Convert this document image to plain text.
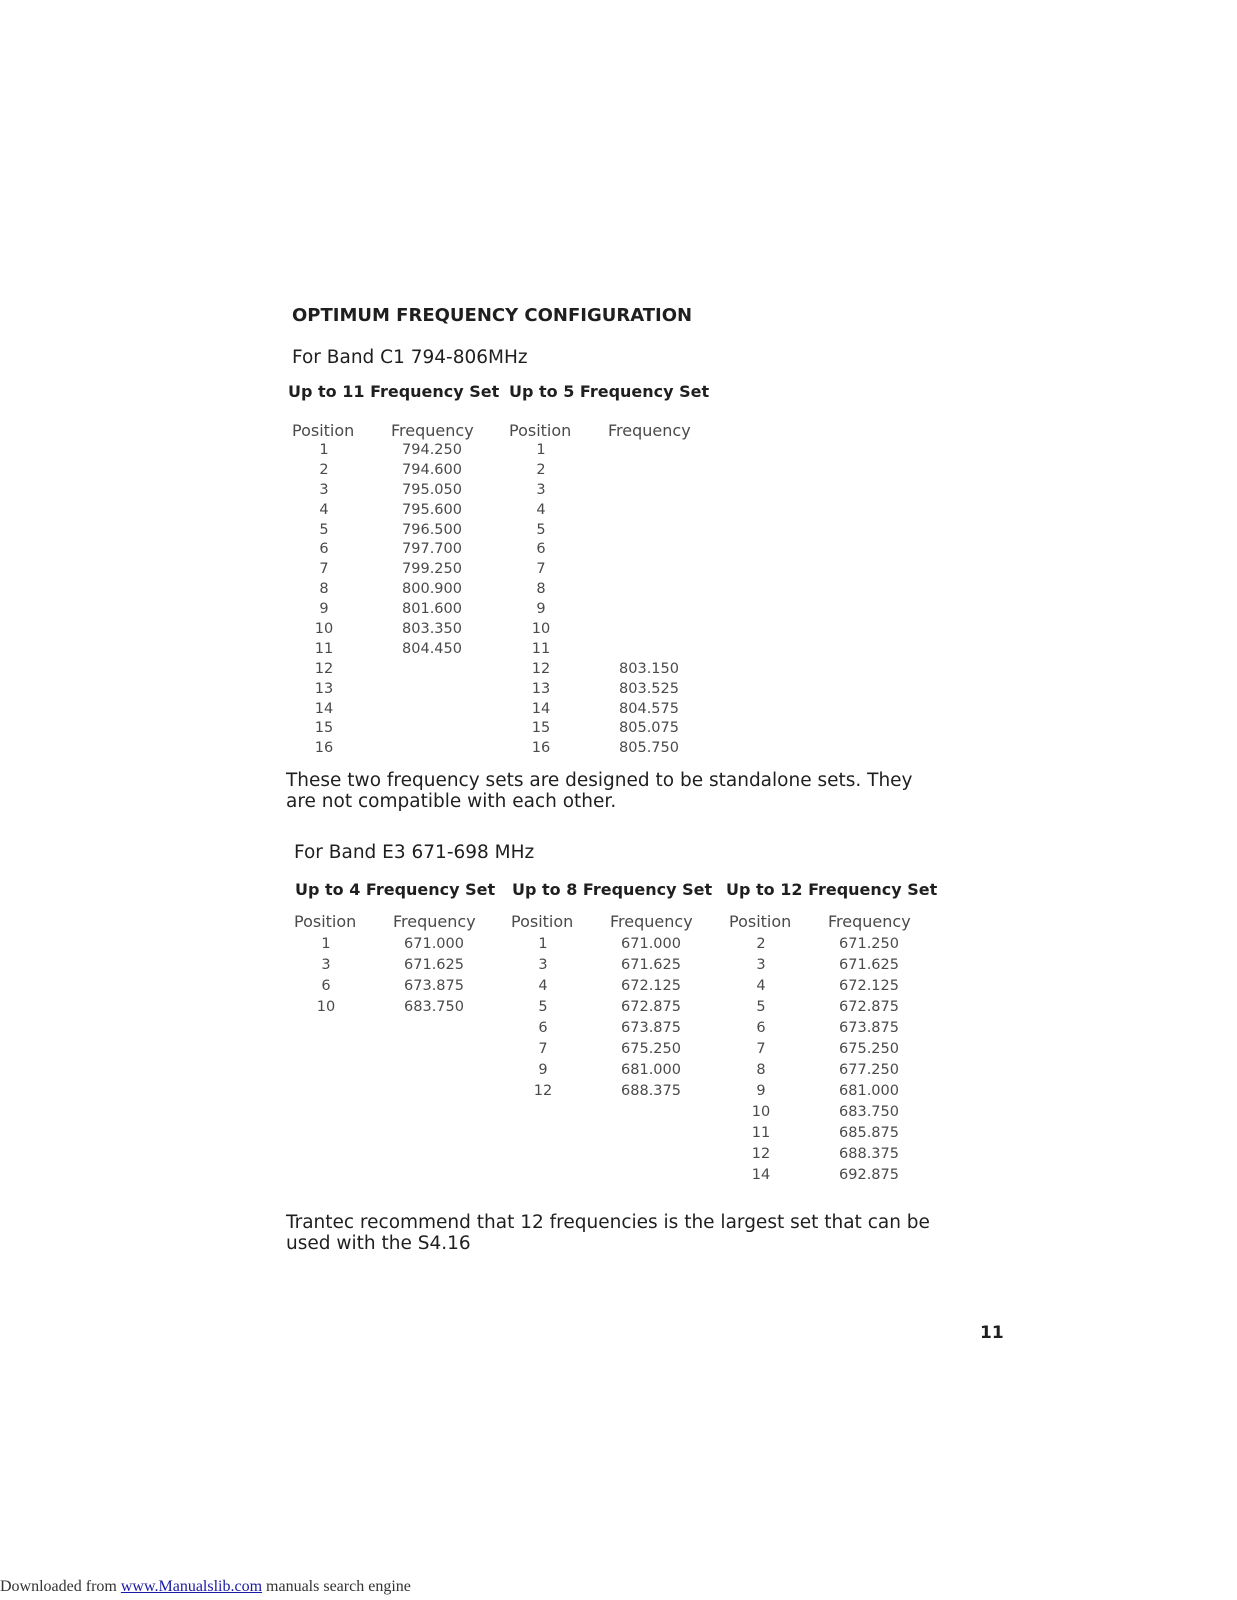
OPTIMUM FREQUENCY CONFIGURATION
For Band C1 794-806MHz
Up to 11 Frequency Set Up to 5 Frequency Set
Position Frequency Position Frequency
1
2
3
4
5
6
7
8
9
10
11
12
13
14
15
16
794.250
794.600
795.050
795.600
796.500
797.700
799.250
800.900
801.600
803.350
804.450
1
2
3
4
5
6
7
8
9
10
11
12
13
14
15
16
803.150
803.525
804.575
805.075
805.750
These two frequency sets are designed to be standalone sets. They are not compatible with each other.
For Band E3 671-698 MHz
Up to 4 Frequency Set Up to 8 Frequency Set Up to 12 Frequency Set
Position Frequency Position Frequency Position Frequency
1
3
6
10
671.000
671.625
673.875
683.750
1
3
4
5
6
7
9
12
671.000
671.625
672.125
672.875
673.875
675.250
681.000
688.375
2
3
4
5
6
7
8
9
10
11
12
14
671.250
671.625
672.125
672.875
673.875
675.250
677.250
681.000
683.750
685.875
688.375
692.875
Trantec recommend that 12 frequencies is the largest set that can be used with the S4.16
11
Downloaded from www.Manualslib.com manuals search engine
